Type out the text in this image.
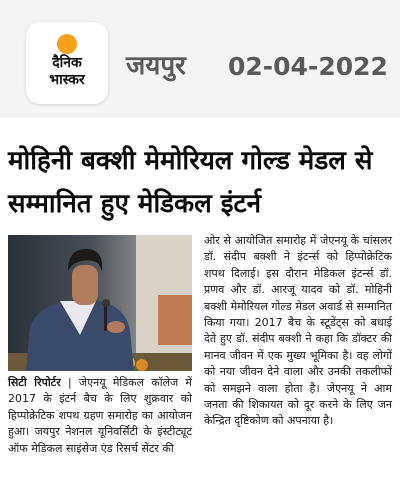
दैनिक
भास्कर	जयपुर 02-04-2022
मोहिनी बक्शी मेमोरियल गोल्ड मेडल से सम्मानित हुए मेडिकल इंटर्न
सिटी रिपोर्टर | जेएनयू मेडिकल कॉलेज में 2017 के इंटर्न बैच के लिए शुक्रवार को हिप्पोक्रेटिक शपथ ग्रहण समारोह का आयोजन हुआ। जयपुर नेशनल यूनिवर्सिटी के इंस्टीट्यूट ऑफ मेडिकल साइंसेज एंड रिसर्च सेंटर की
ओर से आयोजित समारोह में जेएनयू के चांसलर डॉ. संदीप बक्शी ने इंटर्न्स को हिप्पोक्रेटिक शपथ दिलाई। इस दौरान मेडिकल इंटर्न्स डॉ. प्रणव और डॉ. आरजू यादव को डॉ. मोहिनी बक्शी मेमोरियल गोल्ड मेडल अवार्ड से सम्मानित किया गया। 2017 बैच के स्टूडेंट्स को बधाई देते हुए डॉ. संदीप बक्शी ने कहा कि डॉक्टर की मानव जीवन में एक मुख्य भूमिका है। वह लोगों को नया जीवन देने वाला और उनकी तकलीफों को समझने वाला होता है। जेएनयू ने आम जनता की शिकायत को दूर करने के लिए जन केन्द्रित दृष्टिकोण को अपनाया है।
